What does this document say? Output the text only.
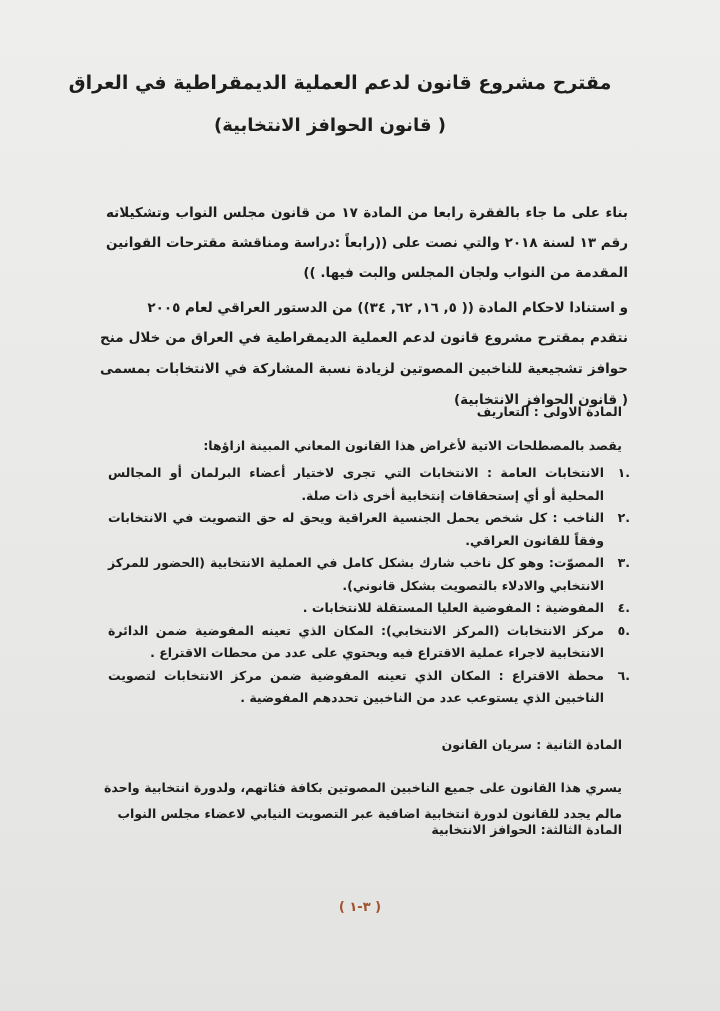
مقترح مشروع قانون لدعم العملية الديمقراطية في العراق
( قانون الحوافز الانتخابية)

بناء على ما جاء بالفقرة رابعا من المادة ١٧ من قانون مجلس النواب وتشكيلاته رقم ١٣ لسنة ٢٠١٨ والتي نصت على ((رابعاً :دراسة ومناقشة مقترحات القوانين المقدمة من النواب ولجان المجلس والبت فيها. ))

و استنادا لاحكام المادة (( ٥, ١٦, ٦٢, ٣٤)) من الدستور العراقي لعام ٢٠٠٥

نتقدم بمقترح مشروع قانون لدعم العملية الديمقراطية في العراق من خلال منح حوافز تشجيعية للناخبين المصوتين لزيادة نسبة المشاركة في الانتخابات بمسمى ( قانون الحوافز الانتخابية)

المادة الاولى : التعاريف
يقصد بالمصطلحات الاتية لأغراض هذا القانون المعاني المبينة ازاؤها:
.١
الانتخابات العامة : الانتخابات التي تجرى لاختيار أعضاء البرلمان أو المجالس المحلية أو أي إستحقاقات إنتخابية أخرى ذات صلة.
.٢
الناخب : كل شخص يحمل الجنسية العراقية ويحق له حق التصويت في الانتخابات وفقاً للقانون العراقي.
.٣
المصوّت: وهو كل ناخب شارك بشكل كامل في العملية الانتخابية (الحضور للمركز الانتخابي والادلاء بالتصويت بشكل قانوني).
.٤
المفوضية : المفوضية العليا المستقلة للانتخابات .
.٥
مركز الانتخابات (المركز الانتخابي): المكان الذي تعينه المفوضية ضمن الدائرة الانتخابية لاجراء عملية الاقتراع فيه ويحتوي على عدد من محطات الاقتراع .
.٦
محطة الاقتراع : المكان الذي تعينه المفوضية ضمن مركز الانتخابات لتصويت الناخبين الذي يستوعب عدد من الناخبين تحددهم المفوضية .
المادة الثانية : سريان القانون

يسري هذا القانون على جميع الناخبين المصوتين بكافة فئاتهم، ولدورة انتخابية واحدة مالم يجدد للقانون لدورة انتخابية اضافية عبر التصويت النيابي لاعضاء مجلس النواب

المادة الثالثة: الحوافز الانتخابية
( ٣-١ )
